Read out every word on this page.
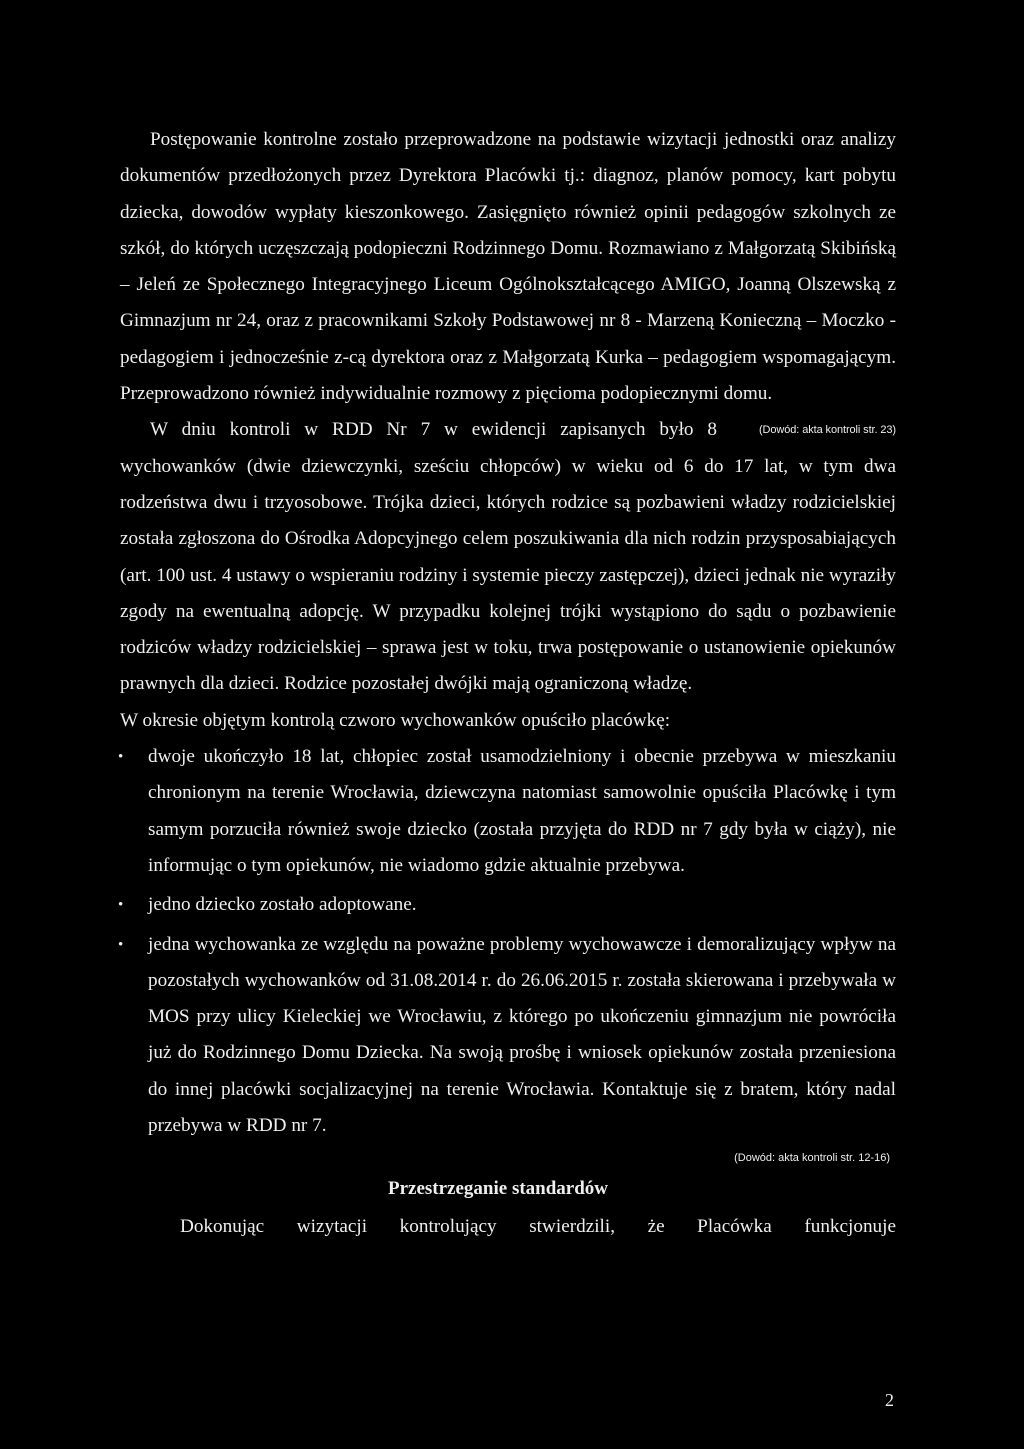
Postępowanie kontrolne zostało przeprowadzone na podstawie wizytacji jednostki oraz analizy dokumentów przedłożonych przez Dyrektora Placówki tj.: diagnoz, planów pomocy, kart pobytu dziecka, dowodów wypłaty kieszonkowego. Zasięgnięto również opinii pedagogów szkolnych ze szkół, do których uczęszczają podopieczni Rodzinnego Domu. Rozmawiano z Małgorzatą Skibińską – Jeleń ze Społecznego Integracyjnego Liceum Ogólnokształcącego AMIGO, Joanną Olszewską z Gimnazjum nr 24, oraz z pracownikami Szkoły Podstawowej nr 8 - Marzeną Konieczną – Moczko - pedagogiem i jednocześnie z-cą dyrektora oraz z Małgorzatą Kurka – pedagogiem wspomagającym. Przeprowadzono również indywidualnie rozmowy z pięcioma podopiecznymi domu.
(Dowód: akta kontroli str. 23)

W dniu kontroli w RDD Nr 7 w ewidencji zapisanych było 8 wychowanków (dwie dziewczynki, sześciu chłopców) w wieku od 6 do 17 lat, w tym dwa rodzeństwa dwu i trzyosobowe. Trójka dzieci, których rodzice są pozbawieni władzy rodzicielskiej została zgłoszona do Ośrodka Adopcyjnego celem poszukiwania dla nich rodzin przysposabiających (art. 100 ust. 4 ustawy o wspieraniu rodziny i systemie pieczy zastępczej), dzieci jednak nie wyraziły zgody na ewentualną adopcję. W przypadku kolejnej trójki wystąpiono do sądu o pozbawienie rodziców władzy rodzicielskiej – sprawa jest w toku, trwa postępowanie o ustanowienie opiekunów prawnych dla dzieci. Rodzice pozostałej dwójki mają ograniczoną władzę.

W okresie objętym kontrolą czworo wychowanków opuściło placówkę:

• dwoje ukończyło 18 lat, chłopiec został usamodzielniony i obecnie przebywa w mieszkaniu chronionym na terenie Wrocławia, dziewczyna natomiast samowolnie opuściła Placówkę i tym samym porzuciła również swoje dziecko (została przyjęta do RDD nr 7 gdy była w ciąży), nie informując o tym opiekunów, nie wiadomo gdzie aktualnie przebywa.
• jedno dziecko zostało adoptowane.
• jedna wychowanka ze względu na poważne problemy wychowawcze i demoralizujący wpływ na pozostałych wychowanków od 31.08.2014 r. do 26.06.2015 r. została skierowana i przebywała w MOS przy ulicy Kieleckiej we Wrocławiu, z którego po ukończeniu gimnazjum nie powróciła już do Rodzinnego Domu Dziecka. Na swoją prośbę i wniosek opiekunów została przeniesiona do innej placówki socjalizacyjnej na terenie Wrocławia. Kontaktuje się z bratem, który nadal przebywa w RDD nr 7.
(Dowód: akta kontroli str. 12-16)
Przestrzeganie standardów
Dokonując wizytacji kontrolujący stwierdzili, że Placówka funkcjonuje
2
